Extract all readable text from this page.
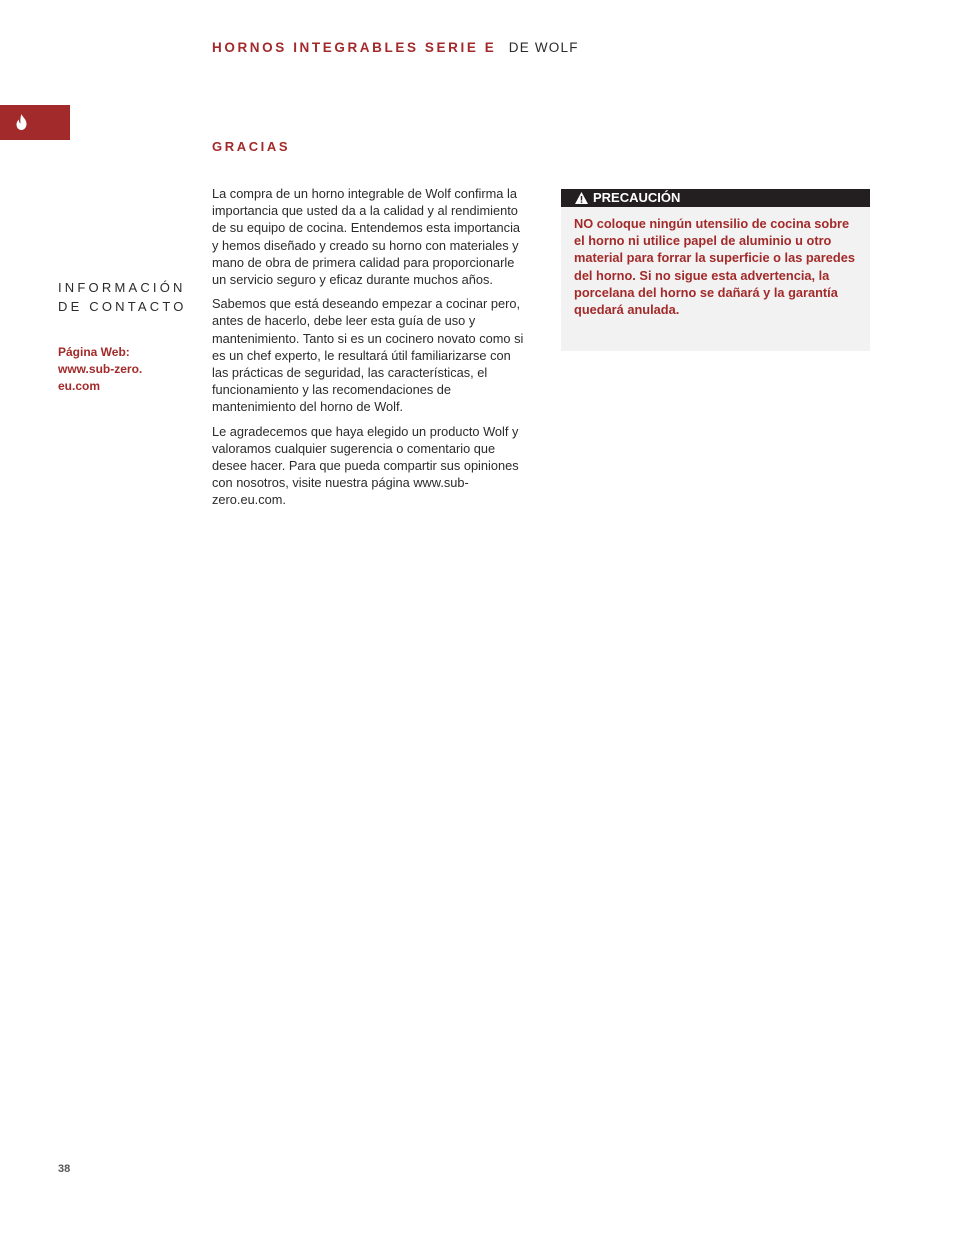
HORNOS INTEGRABLES SERIE E DE WOLF
GRACIAS
INFORMACIÓN
DE CONTACTO
Página Web:
www.sub-zero.
eu.com

La compra de un horno integrable de Wolf confirma la importancia que usted da a la calidad y al rendimiento de su equipo de cocina. Entendemos esta importancia y hemos diseñado y creado su horno con materiales y mano de obra de primera calidad para proporcionarle un servicio seguro y eficaz durante muchos años.

Sabemos que está deseando empezar a cocinar pero, antes de hacerlo, debe leer esta guía de uso y mantenimiento. Tanto si es un cocinero novato como si es un chef experto, le resultará útil familiarizarse con las prácticas de seguridad, las características, el funcionamiento y las recomendaciones de mantenimiento del horno de Wolf.

Le agradecemos que haya elegido un producto Wolf y valoramos cualquier sugerencia o comentario que desee hacer. Para que pueda compartir sus opiniones con nosotros, visite nuestra página www.sub-zero.eu.com.

PRECAUCIÓN
NO coloque ningún utensilio de cocina sobre el horno ni utilice papel de aluminio u otro material para forrar la superficie o las paredes del horno. Si no sigue esta advertencia, la porcelana del horno se dañará y la garantía quedará anulada.
38
